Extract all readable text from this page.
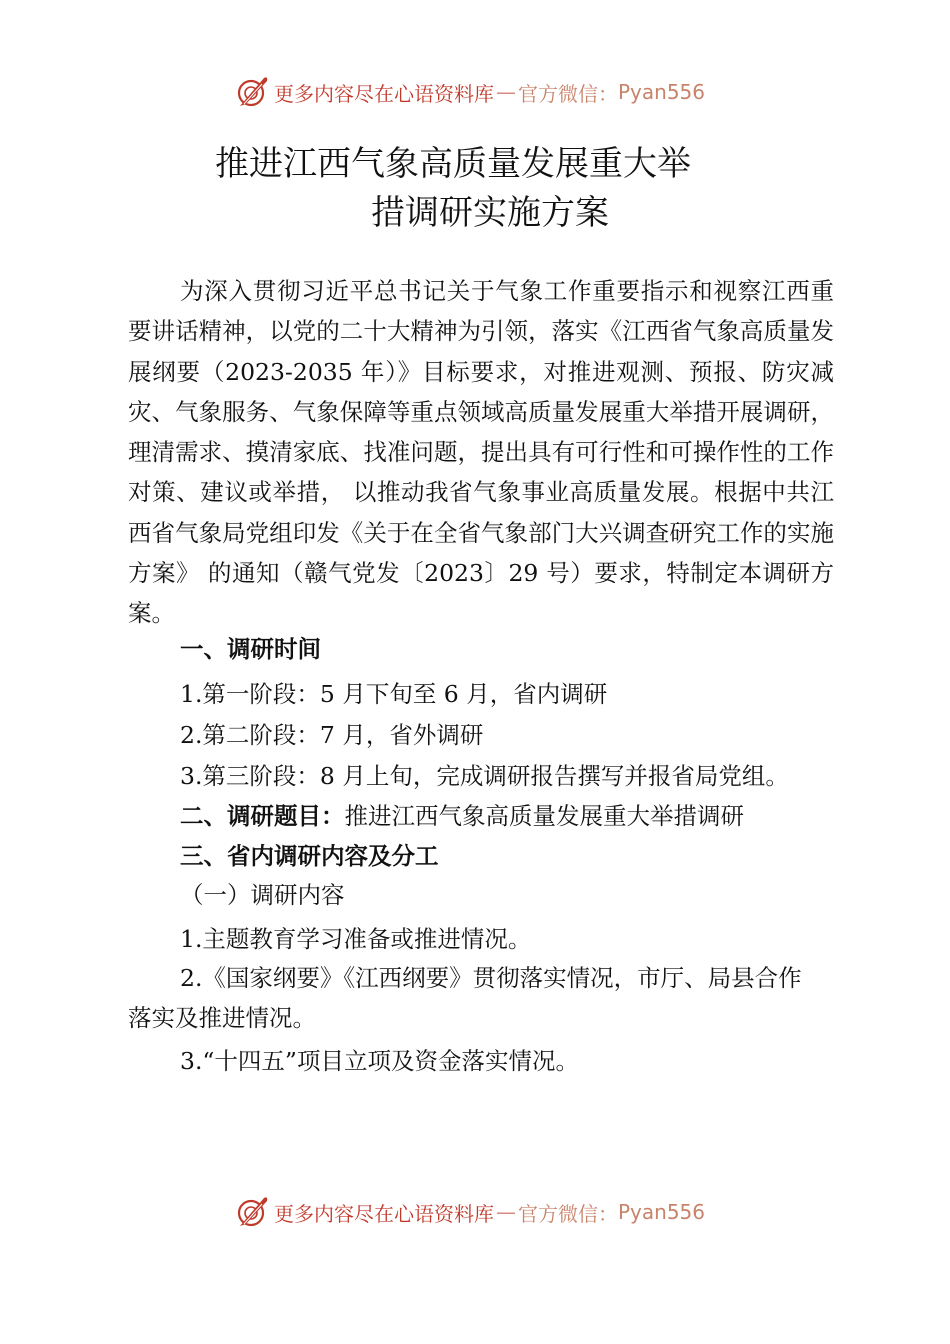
更多内容尽在心语资料库 — 官方微信： Pyan556
推进江西气象高质量发展重大举
措调研实施方案
为深入贯彻习近平总书记关于气象工作重要指示和视察江西重要讲话精神，以党的二十大精神为引领，落实《江西省气象高质量发展纲要（2023-2035 年）》目标要求，对推进观测、预报、防灾减灾、气象服务、气象保障等重点领域高质量发展重大举措开展调研，理清需求、摸清家底、找准问题，提出具有可行性和可操作性的工作对策、建议或举措， 以推动我省气象事业高质量发展。根据中共江西省气象局党组印发《关于在全省气象部门大兴调查研究工作的实施方案》 的通知（赣气党发〔2023〕29 号）要求，特制定本调研方案。
一、调研时间
1.第一阶段：5 月下旬至 6 月，省内调研
2.第二阶段：7 月，省外调研
3.第三阶段：8 月上旬，完成调研报告撰写并报省局党组。
二、调研题目：推进江西气象高质量发展重大举措调研
三、省内调研内容及分工
（一）调研内容
1.主题教育学习准备或推进情况。
2.《国家纲要》《江西纲要》贯彻落实情况，市厅、局县合作落实及推进情况。
3.“十四五”项目立项及资金落实情况。
更多内容尽在心语资料库 — 官方微信： Pyan556
